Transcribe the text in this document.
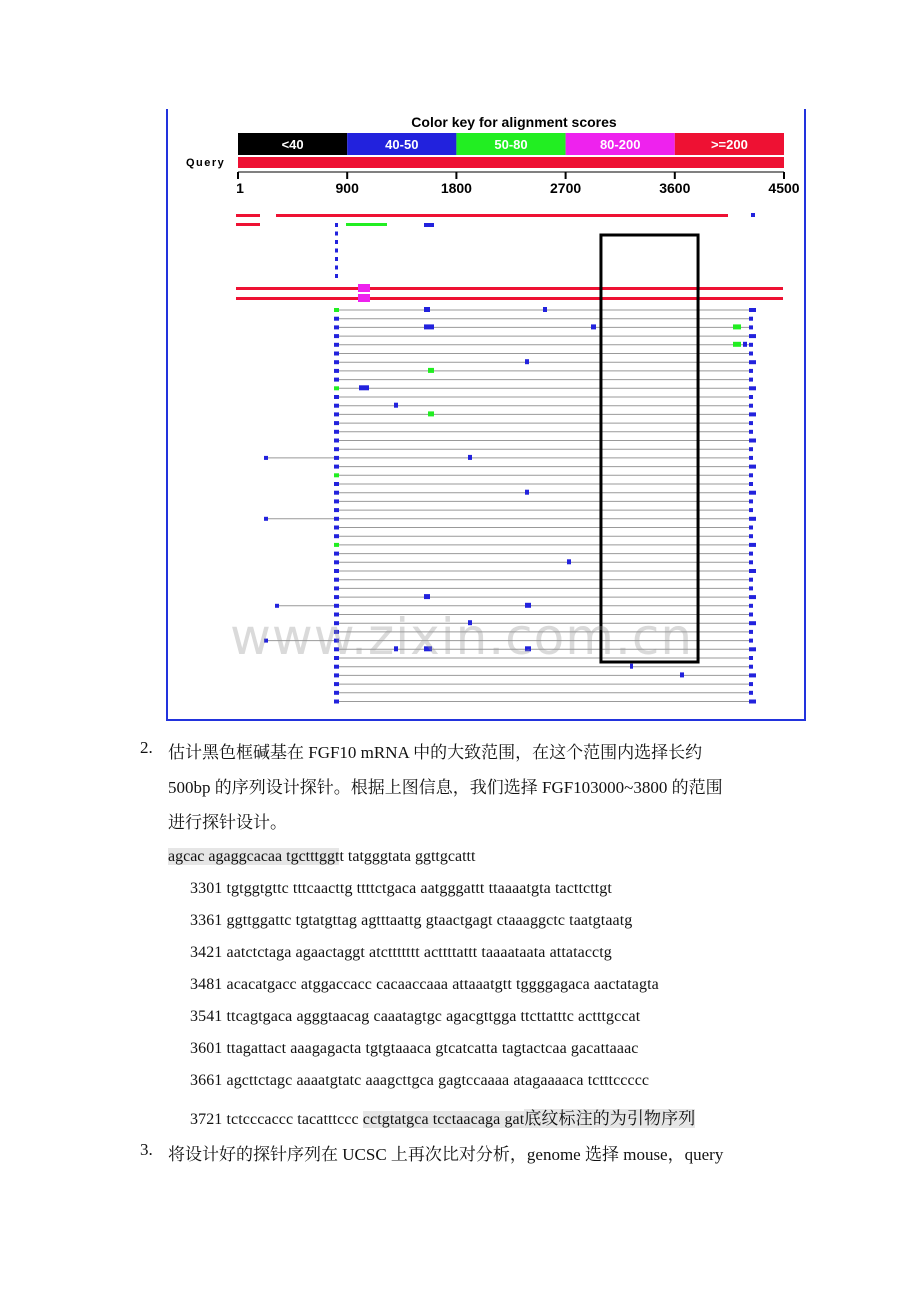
Color key for alignment scores
<40	40-50	50-80	80-200	>=200
Query
1	900	1800	2700	3600	4500
www.zixin.com.cn
2. 估计黑色框碱基在 FGF10 mRNA 中的大致范围，在这个范围内选择长约
500bp 的序列设计探针。根据上图信息，我们选择 FGF103000~3800 的范围
进行探针设计。
agcac agaggcacaa tgctttggtt tatgggtata ggttgcattt
3301 tgtggtgttc tttcaacttg ttttctgaca aatgggattt ttaaaatgta tacttcttgt
3361 ggttggattc tgtatgttag agtttaattg gtaactgagt ctaaaggctc taatgtaatg
3421 aatctctaga agaactaggt atcttttttt acttttattt taaaataata attatacctg
3481 acacatgacc atggaccacc cacaaccaaa attaaatgtt tggggagaca aactatagta
3541 ttcagtgaca agggtaacag caaatagtgc agacgttgga ttcttatttc actttgccat
3601 ttagattact aaagagacta tgtgtaaaca gtcatcatta tagtactcaa gacattaaac
3661 agcttctagc aaaatgtatc aaagcttgca gagtccaaaa atagaaaaca tctttccccc
3721 tctcccaccc tacatttccc cctgtatgca tcctaacaga gat底纹标注的为引物序列
3. 将设计好的探针序列在 UCSC 上再次比对分析，genome 选择 mouse，query
